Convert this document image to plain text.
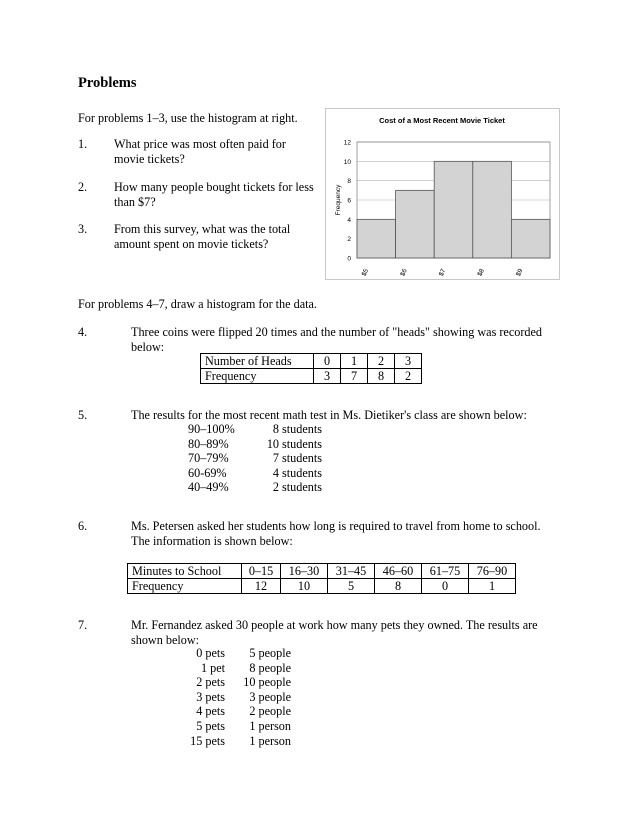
Problems
For problems 1–3, use the histogram at right.
1.	What price was most often paid for movie tickets?
2.	How many people bought tickets for less than $7?
3.	From this survey, what was the total amount spent on movie tickets?
Cost of a Most Recent Movie Ticket
Frequency
0
2
4
6
8
10
12
$5	$6	$7	$8	$9
For problems 4–7, draw a histogram for the data.
4.	Three coins were flipped 20 times and the number of "heads" showing was recorded below:
Number of Heads	0	1	2	3
Frequency	3	7	8	2
5.	The results for the most recent math test in Ms. Dietiker's class are shown below:
90–100%	8 students
80–89%	10 students
70–79%	7 students
60-69%	4 students
40–49%	2 students
6.	Ms. Petersen asked her students how long is required to travel from home to school. The information is shown below:
Minutes to School	0–15	16–30	31–45	46–60	61–75	76–90
Frequency	12	10	5	8	0	1
7.	Mr. Fernandez asked 30 people at work how many pets they owned. The results are shown below:
0 pets	5 people
1 pet	8 people
2 pets	10 people
3 pets	3 people
4 pets	2 people
5 pets	1 person
15 pets	1 person
